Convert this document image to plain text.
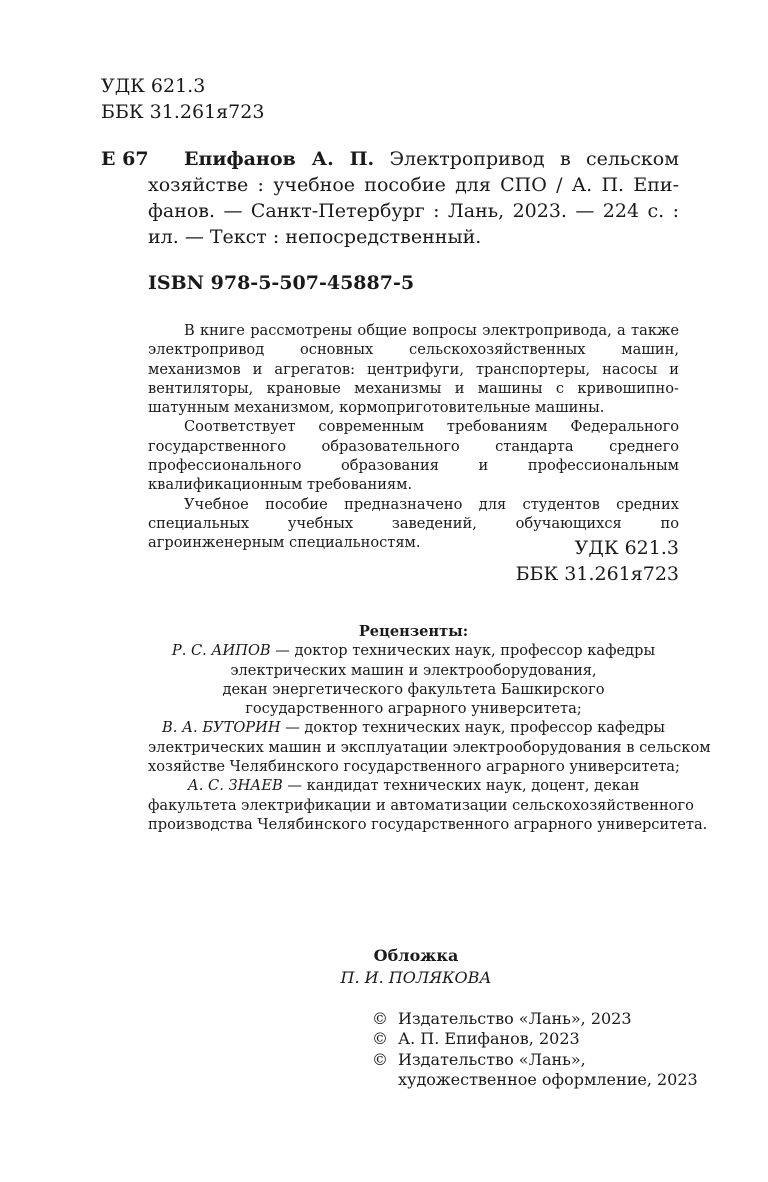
УДК 621.3
ББК 31.261я723
Е 67	Епифанов А. П. Электропривод в сельском
хозяйстве : учебное пособие для СПО / А. П. Епи-
фанов. — Санкт-Петербург : Лань, 2023. — 224 с. :
ил. — Текст : непосредственный.
ISBN 978-5-507-45887-5

В книге рассмотрены общие вопросы электропривода, а также электропривод основных сельскохозяйственных машин, механизмов и агрегатов: центрифуги, транспортеры, насосы и вентиляторы, крановые механизмы и машины с кривошипно-шатунным механизмом, кормоприготовительные машины.

Соответствует современным требованиям Федерального государственного образовательного стандарта среднего профессионального образования и профессиональным квалификационным требованиям.

Учебное пособие предназначено для студентов средних специальных учебных заведений, обучающихся по агроинженерным специальностям.	УДК 621.3
ББК 31.261я723
Рецензенты:
Р. С. АИПОВ — доктор технических наук, профессор кафедры
электрических машин и электрооборудования,
декан энергетического факультета Башкирского
государственного аграрного университета;
В. А. БУТОРИН — доктор технических наук, профессор кафедры
электрических машин и эксплуатации электрооборудования в сельском
хозяйстве Челябинского государственного аграрного университета;
А. С. ЗНАЕВ — кандидат технических наук, доцент, декан
факультета электрификации и автоматизации сельскохозяйственного
производства Челябинского государственного аграрного университета.
Обложка
П. И. ПОЛЯКОВА
© Издательство «Лань», 2023
© А. П. Епифанов, 2023
© Издательство «Лань»,
художественное оформление, 2023
